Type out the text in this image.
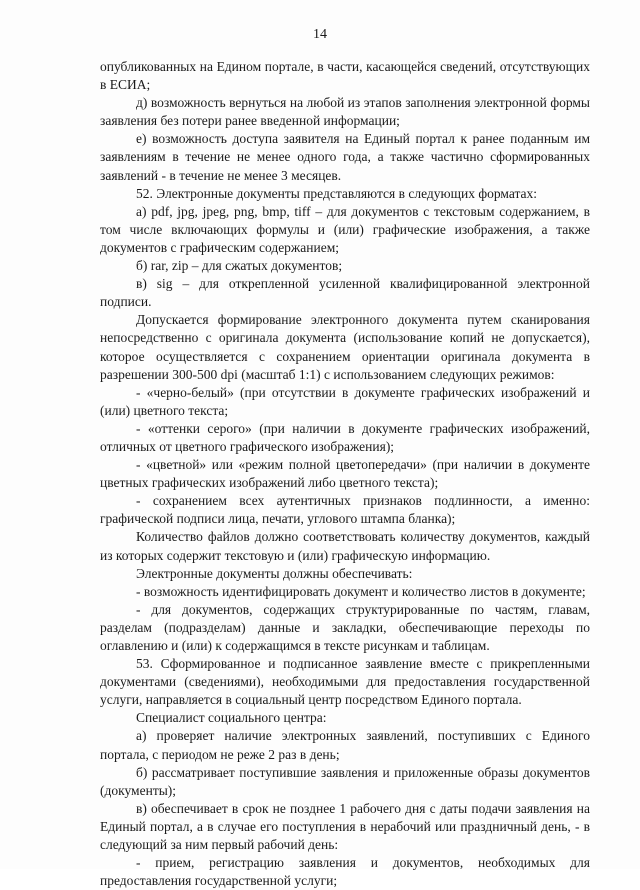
14

опубликованных на Едином портале, в части, касающейся сведений, отсутствующих в ЕСИА;

д) возможность вернуться на любой из этапов заполнения электронной формы заявления без потери ранее введенной информации;

е) возможность доступа заявителя на Единый портал к ранее поданным им заявлениям в течение не менее одного года, а также частично сформированных заявлений - в течение не менее 3 месяцев.

52. Электронные документы представляются в следующих форматах:

а) pdf, jpg, jpeg, png, bmp, tiff – для документов с текстовым содержанием, в том числе включающих формулы и (или) графические изображения, а также документов с графическим содержанием;

б) rar, zip – для сжатых документов;

в) sig – для открепленной усиленной квалифицированной электронной подписи.

Допускается формирование электронного документа путем сканирования непосредственно с оригинала документа (использование копий не допускается), которое осуществляется с сохранением ориентации оригинала документа в разрешении 300-500 dpi (масштаб 1:1) с использованием следующих режимов:

- «черно-белый» (при отсутствии в документе графических изображений и (или) цветного текста;

- «оттенки серого» (при наличии в документе графических изображений, отличных от цветного графического изображения);

- «цветной» или «режим полной цветопередачи» (при наличии в документе цветных графических изображений либо цветного текста);

- сохранением всех аутентичных признаков подлинности, а именно: графической подписи лица, печати, углового штампа бланка);

Количество файлов должно соответствовать количеству документов, каждый из которых содержит текстовую и (или) графическую информацию.

Электронные документы должны обеспечивать:

- возможность идентифицировать документ и количество листов в документе;

- для документов, содержащих структурированные по частям, главам, разделам (подразделам) данные и закладки, обеспечивающие переходы по оглавлению и (или) к содержащимся в тексте рисункам и таблицам.

53. Сформированное и подписанное заявление вместе с прикрепленными документами (сведениями), необходимыми для предоставления государственной услуги, направляется в социальный центр посредством Единого портала.

Специалист социального центра:

а) проверяет наличие электронных заявлений, поступивших с Единого портала, с периодом не реже 2 раз в день;

б) рассматривает поступившие заявления и приложенные образы документов (документы);

в) обеспечивает в срок не позднее 1 рабочего дня с даты подачи заявления на Единый портал, а в случае его поступления в нерабочий или праздничный день, - в следующий за ним первый рабочий день:

- прием, регистрацию заявления и документов, необходимых для предоставления государственной услуги;
